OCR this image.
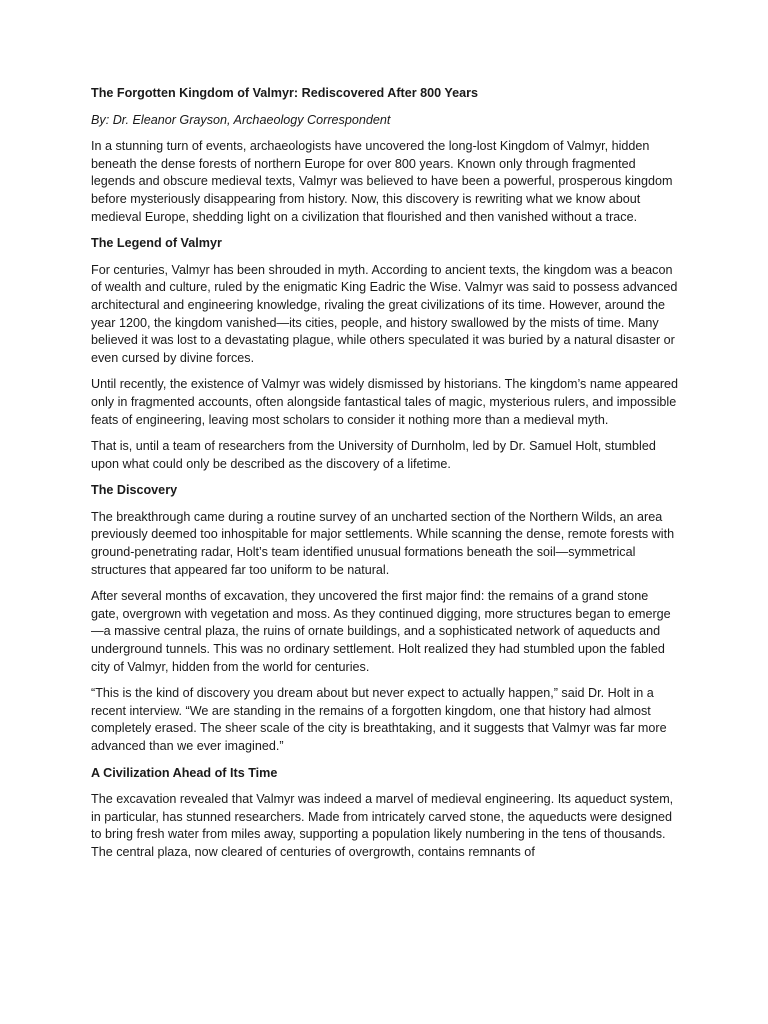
The Forgotten Kingdom of Valmyr: Rediscovered After 800 Years
By: Dr. Eleanor Grayson, Archaeology Correspondent
In a stunning turn of events, archaeologists have uncovered the long-lost Kingdom of Valmyr, hidden beneath the dense forests of northern Europe for over 800 years. Known only through fragmented legends and obscure medieval texts, Valmyr was believed to have been a powerful, prosperous kingdom before mysteriously disappearing from history. Now, this discovery is rewriting what we know about medieval Europe, shedding light on a civilization that flourished and then vanished without a trace.
The Legend of Valmyr
For centuries, Valmyr has been shrouded in myth. According to ancient texts, the kingdom was a beacon of wealth and culture, ruled by the enigmatic King Eadric the Wise. Valmyr was said to possess advanced architectural and engineering knowledge, rivaling the great civilizations of its time. However, around the year 1200, the kingdom vanished—its cities, people, and history swallowed by the mists of time. Many believed it was lost to a devastating plague, while others speculated it was buried by a natural disaster or even cursed by divine forces.
Until recently, the existence of Valmyr was widely dismissed by historians. The kingdom’s name appeared only in fragmented accounts, often alongside fantastical tales of magic, mysterious rulers, and impossible feats of engineering, leaving most scholars to consider it nothing more than a medieval myth.
That is, until a team of researchers from the University of Durnholm, led by Dr. Samuel Holt, stumbled upon what could only be described as the discovery of a lifetime.
The Discovery
The breakthrough came during a routine survey of an uncharted section of the Northern Wilds, an area previously deemed too inhospitable for major settlements. While scanning the dense, remote forests with ground-penetrating radar, Holt’s team identified unusual formations beneath the soil—symmetrical structures that appeared far too uniform to be natural.
After several months of excavation, they uncovered the first major find: the remains of a grand stone gate, overgrown with vegetation and moss. As they continued digging, more structures began to emerge—a massive central plaza, the ruins of ornate buildings, and a sophisticated network of aqueducts and underground tunnels. This was no ordinary settlement. Holt realized they had stumbled upon the fabled city of Valmyr, hidden from the world for centuries.
“This is the kind of discovery you dream about but never expect to actually happen,” said Dr. Holt in a recent interview. “We are standing in the remains of a forgotten kingdom, one that history had almost completely erased. The sheer scale of the city is breathtaking, and it suggests that Valmyr was far more advanced than we ever imagined.”
A Civilization Ahead of Its Time
The excavation revealed that Valmyr was indeed a marvel of medieval engineering. Its aqueduct system, in particular, has stunned researchers. Made from intricately carved stone, the aqueducts were designed to bring fresh water from miles away, supporting a population likely numbering in the tens of thousands. The central plaza, now cleared of centuries of overgrowth, contains remnants of
